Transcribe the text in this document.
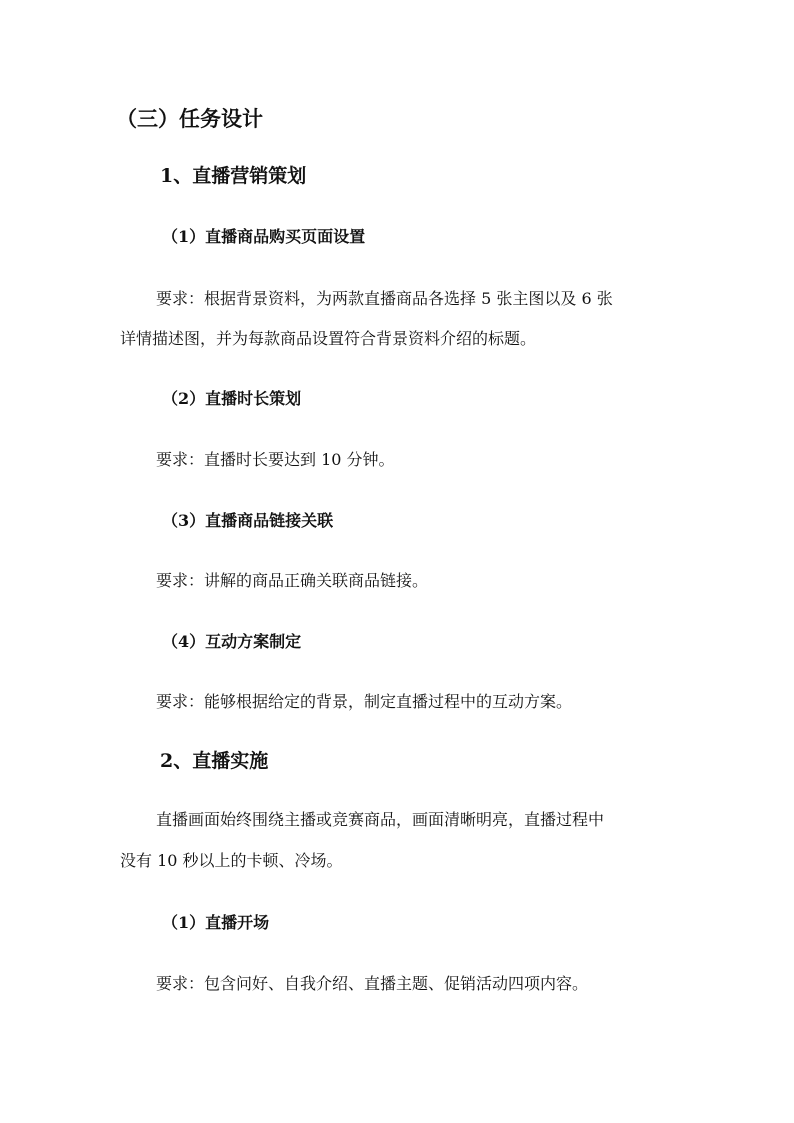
（三）任务设计
1、直播营销策划
（1）直播商品购买页面设置
要求：根据背景资料，为两款直播商品各选择 5 张主图以及 6 张
详情描述图，并为每款商品设置符合背景资料介绍的标题。
（2）直播时长策划
要求：直播时长要达到 10 分钟。
（3）直播商品链接关联
要求：讲解的商品正确关联商品链接。
（4）互动方案制定
要求：能够根据给定的背景，制定直播过程中的互动方案。
2、直播实施
直播画面始终围绕主播或竞赛商品，画面清晰明亮，直播过程中
没有 10 秒以上的卡顿、冷场。
（1）直播开场
要求：包含问好、自我介绍、直播主题、促销活动四项内容。
